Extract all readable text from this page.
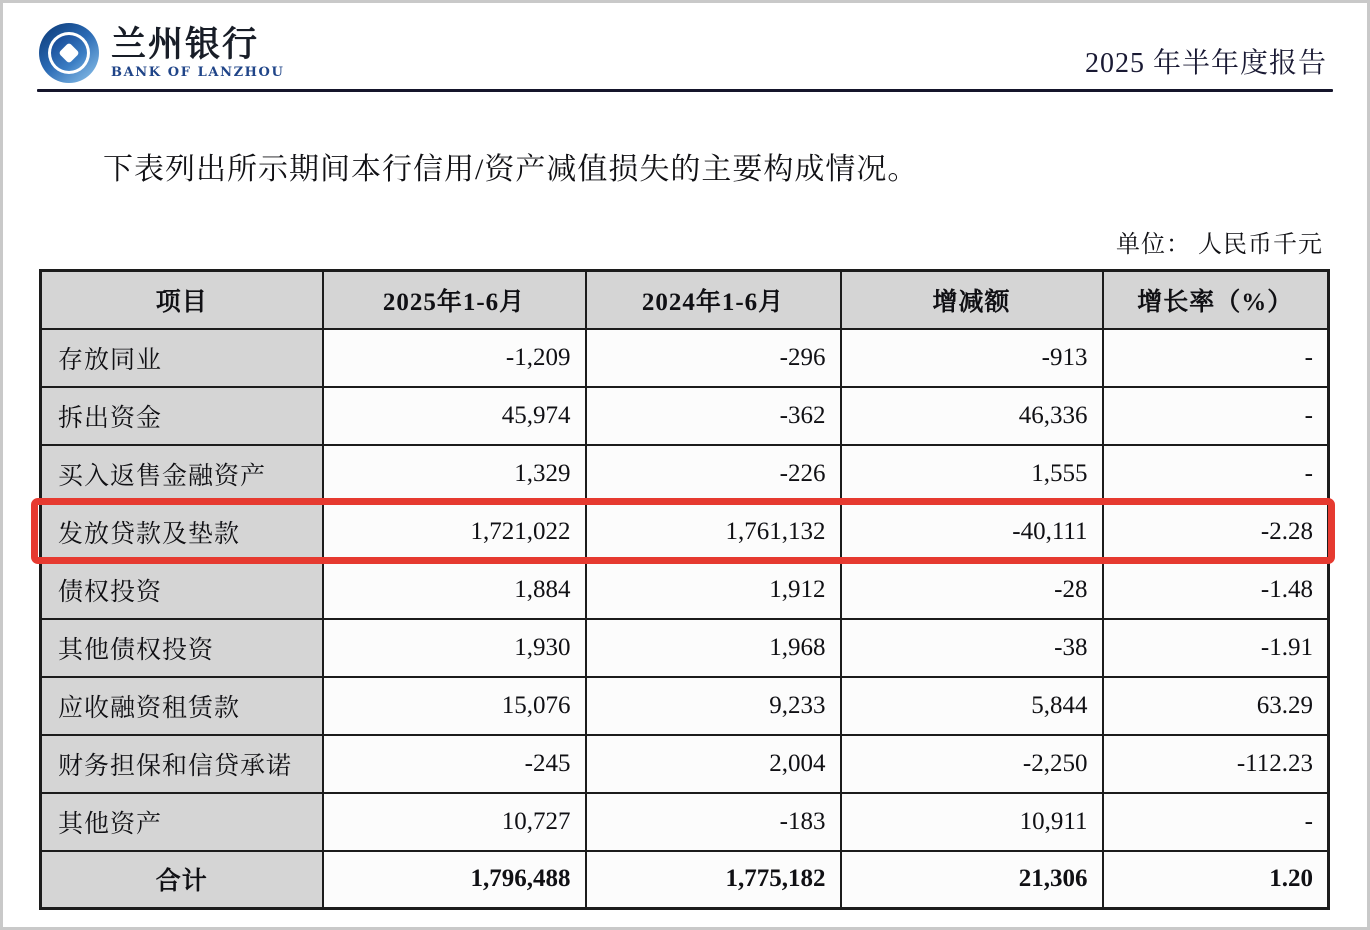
兰州银行
BANK OF LANZHOU	2025 年半年度报告

下表列出所示期间本行信用/资产减值损失的主要构成情况。

单位： 人民币千元
项目	2025年1-6月	2024年1-6月	增减额	增长率（%）
存放同业	-1,209	-296	-913	-
拆出资金	45,974	-362	46,336	-
买入返售金融资产	1,329	-226	1,555	-
发放贷款及垫款	1,721,022	1,761,132	-40,111	-2.28
债权投资	1,884	1,912	-28	-1.48
其他债权投资	1,930	1,968	-38	-1.91
应收融资租赁款	15,076	9,233	5,844	63.29
财务担保和信贷承诺	-245	2,004	-2,250	-112.23
其他资产	10,727	-183	10,911	-
合计	1,796,488	1,775,182	21,306	1.20
